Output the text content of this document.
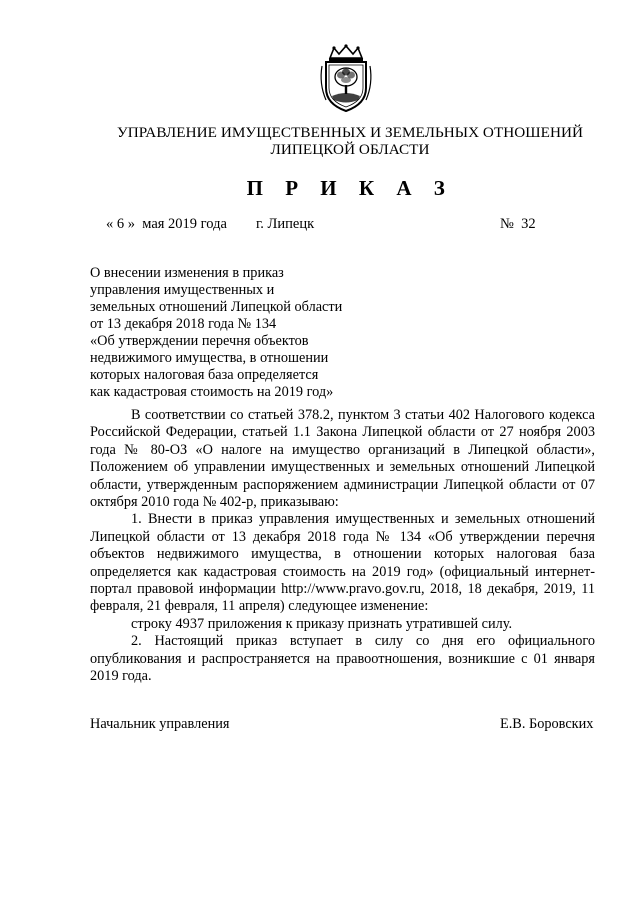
УПРАВЛЕНИЕ ИМУЩЕСТВЕННЫХ И ЗЕМЕЛЬНЫХ ОТНОШЕНИЙ
ЛИПЕЦКОЙ ОБЛАСТИ
П Р И К А З
« 6 »  мая 2019 года г. Липецк	№  32
О внесении изменения в приказ
управления имущественных и
земельных отношений Липецкой области
от 13 декабря 2018 года № 134
«Об утверждении перечня объектов
недвижимого имущества, в отношении
которых налоговая база определяется
как кадастровая стоимость на 2019 год»

В соответствии со статьей 378.2, пунктом 3 статьи 402 Налогового кодекса Российской Федерации, статьей 1.1 Закона Липецкой области от 27 ноября 2003 года № 80-ОЗ «О налоге на имущество организаций в Липецкой области», Положением об управлении имущественных и земельных отношений Липецкой области, утвержденным распоряжением администрации Липецкой области от 07 октября 2010 года № 402-р, приказываю:

1. Внести в приказ управления имущественных и земельных отношений Липецкой области от 13 декабря 2018 года № 134 «Об утверждении перечня объектов недвижимого имущества, в отношении которых налоговая база определяется как кадастровая стоимость на 2019 год» (официальный интернет-портал правовой информации http://www.pravo.gov.ru, 2018, 18 декабря, 2019, 11 февраля, 21 февраля, 11 апреля) следующее изменение:

строку 4937 приложения к приказу признать утратившей силу.

2. Настоящий приказ вступает в силу со дня его официального опубликования и распространяется на правоотношения, возникшие с 01 января 2019 года.

Начальник управления	Е.В. Боровских
